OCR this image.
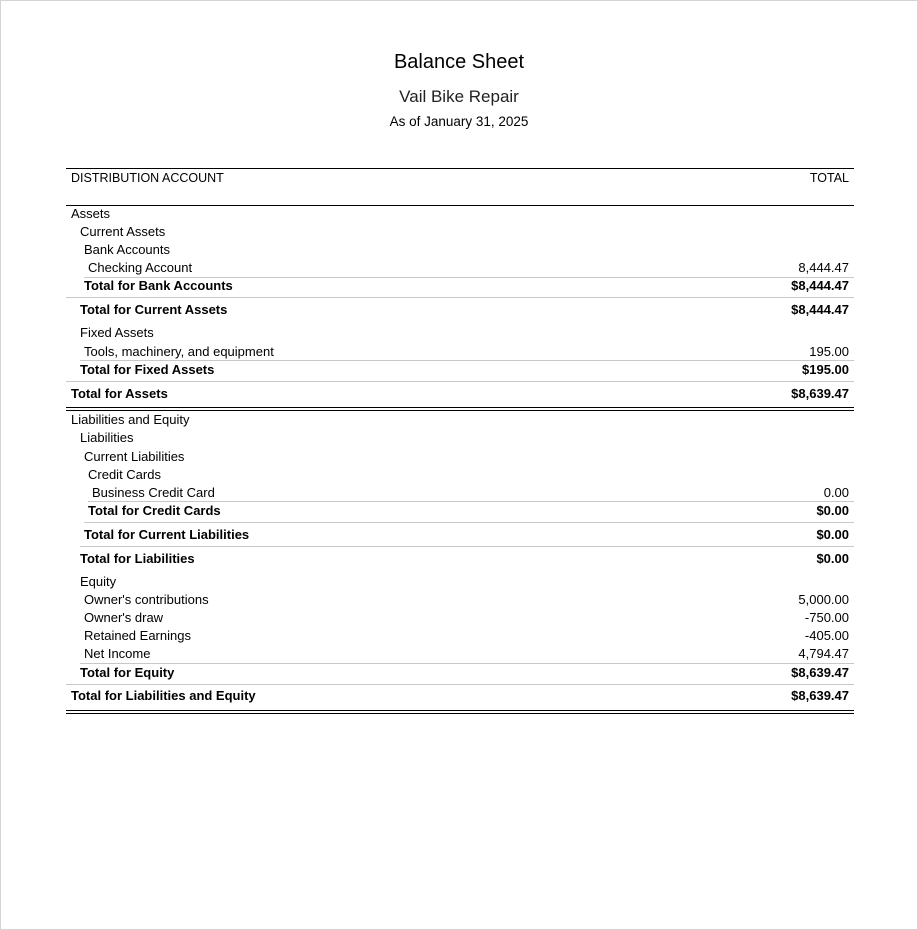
Balance Sheet
Vail Bike Repair
As of January 31, 2025
DISTRIBUTION ACCOUNT	TOTAL
Assets
Current Assets
Bank Accounts
Checking Account	8,444.47
Total for Bank Accounts	$8,444.47
Total for Current Assets	$8,444.47
Fixed Assets
Tools, machinery, and equipment	195.00
Total for Fixed Assets	$195.00
Total for Assets	$8,639.47
Liabilities and Equity
Liabilities
Current Liabilities
Credit Cards
Business Credit Card	0.00
Total for Credit Cards	$0.00
Total for Current Liabilities	$0.00
Total for Liabilities	$0.00
Equity
Owner's contributions	5,000.00
Owner's draw	-750.00
Retained Earnings	-405.00
Net Income	4,794.47
Total for Equity	$8,639.47
Total for Liabilities and Equity	$8,639.47
